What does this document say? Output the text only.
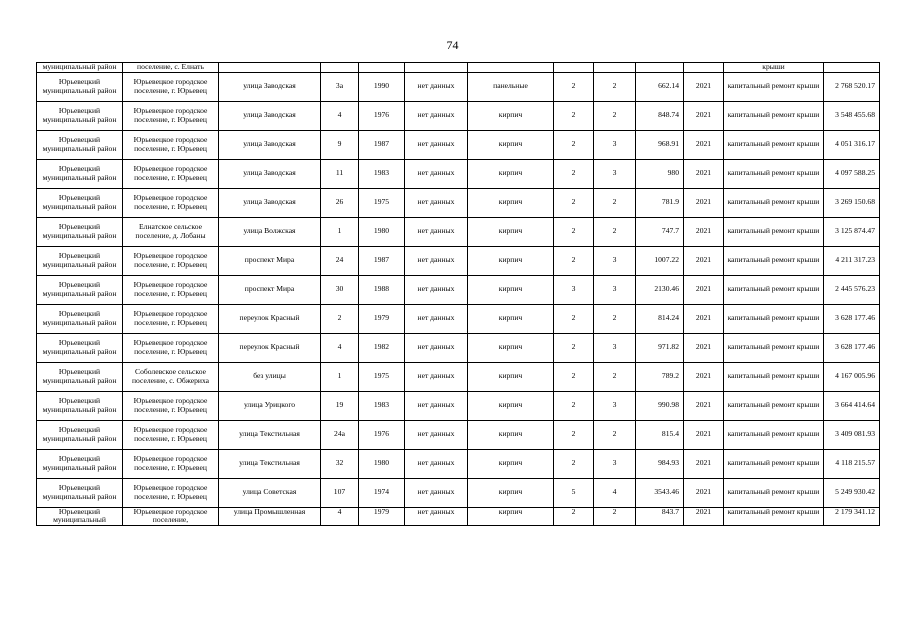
74
муниципальный район	поселение, с. Елнать										крыши	
Юрьевецкий муниципальный район	Юрьевецкое городское поселение, г. Юрьевец	улица Заводская	3а	1990	нет данных	панельные	2	2	662.14	2021	капитальный ремонт крыши	2 768 520.17
Юрьевецкий муниципальный район	Юрьевецкое городское поселение, г. Юрьевец	улица Заводская	4	1976	нет данных	кирпич	2	2	848.74	2021	капитальный ремонт крыши	3 548 455.68
Юрьевецкий муниципальный район	Юрьевецкое городское поселение, г. Юрьевец	улица Заводская	9	1987	нет данных	кирпич	2	3	968.91	2021	капитальный ремонт крыши	4 051 316.17
Юрьевецкий муниципальный район	Юрьевецкое городское поселение, г. Юрьевец	улица Заводская	11	1983	нет данных	кирпич	2	3	980	2021	капитальный ремонт крыши	4 097 588.25
Юрьевецкий муниципальный район	Юрьевецкое городское поселение, г. Юрьевец	улица Заводская	26	1975	нет данных	кирпич	2	2	781.9	2021	капитальный ремонт крыши	3 269 150.68
Юрьевецкий муниципальный район	Елнатское сельское поселение, д. Лобаны	улица Волжская	1	1980	нет данных	кирпич	2	2	747.7	2021	капитальный ремонт крыши	3 125 874.47
Юрьевецкий муниципальный район	Юрьевецкое городское поселение, г. Юрьевец	проспект Мира	24	1987	нет данных	кирпич	2	3	1007.22	2021	капитальный ремонт крыши	4 211 317.23
Юрьевецкий муниципальный район	Юрьевецкое городское поселение, г. Юрьевец	проспект Мира	30	1988	нет данных	кирпич	3	3	2130.46	2021	капитальный ремонт крыши	2 445 576.23
Юрьевецкий муниципальный район	Юрьевецкое городское поселение, г. Юрьевец	переулок Красный	2	1979	нет данных	кирпич	2	2	814.24	2021	капитальный ремонт крыши	3 628 177.46
Юрьевецкий муниципальный район	Юрьевецкое городское поселение, г. Юрьевец	переулок Красный	4	1982	нет данных	кирпич	2	3	971.82	2021	капитальный ремонт крыши	3 628 177.46
Юрьевецкий муниципальный район	Соболевское сельское поселение, с. Обжериха	без улицы	1	1975	нет данных	кирпич	2	2	789.2	2021	капитальный ремонт крыши	4 167 005.96
Юрьевецкий муниципальный район	Юрьевецкое городское поселение, г. Юрьевец	улица Урицкого	19	1983	нет данных	кирпич	2	3	990.98	2021	капитальный ремонт крыши	3 664 414.64
Юрьевецкий муниципальный район	Юрьевецкое городское поселение, г. Юрьевец	улица Текстильная	24а	1976	нет данных	кирпич	2	2	815.4	2021	капитальный ремонт крыши	3 409 081.93
Юрьевецкий муниципальный район	Юрьевецкое городское поселение, г. Юрьевец	улица Текстильная	32	1980	нет данных	кирпич	2	3	984.93	2021	капитальный ремонт крыши	4 118 215.57
Юрьевецкий муниципальный район	Юрьевецкое городское поселение, г. Юрьевец	улица Советская	107	1974	нет данных	кирпич	5	4	3543.46	2021	капитальный ремонт крыши	5 249 930.42
Юрьевецкий муниципальный	Юрьевецкое городское поселение,	улица Промышленная	4	1979	нет данных	кирпич	2	2	843.7	2021	капитальный ремонт крыши	2 179 341.12
